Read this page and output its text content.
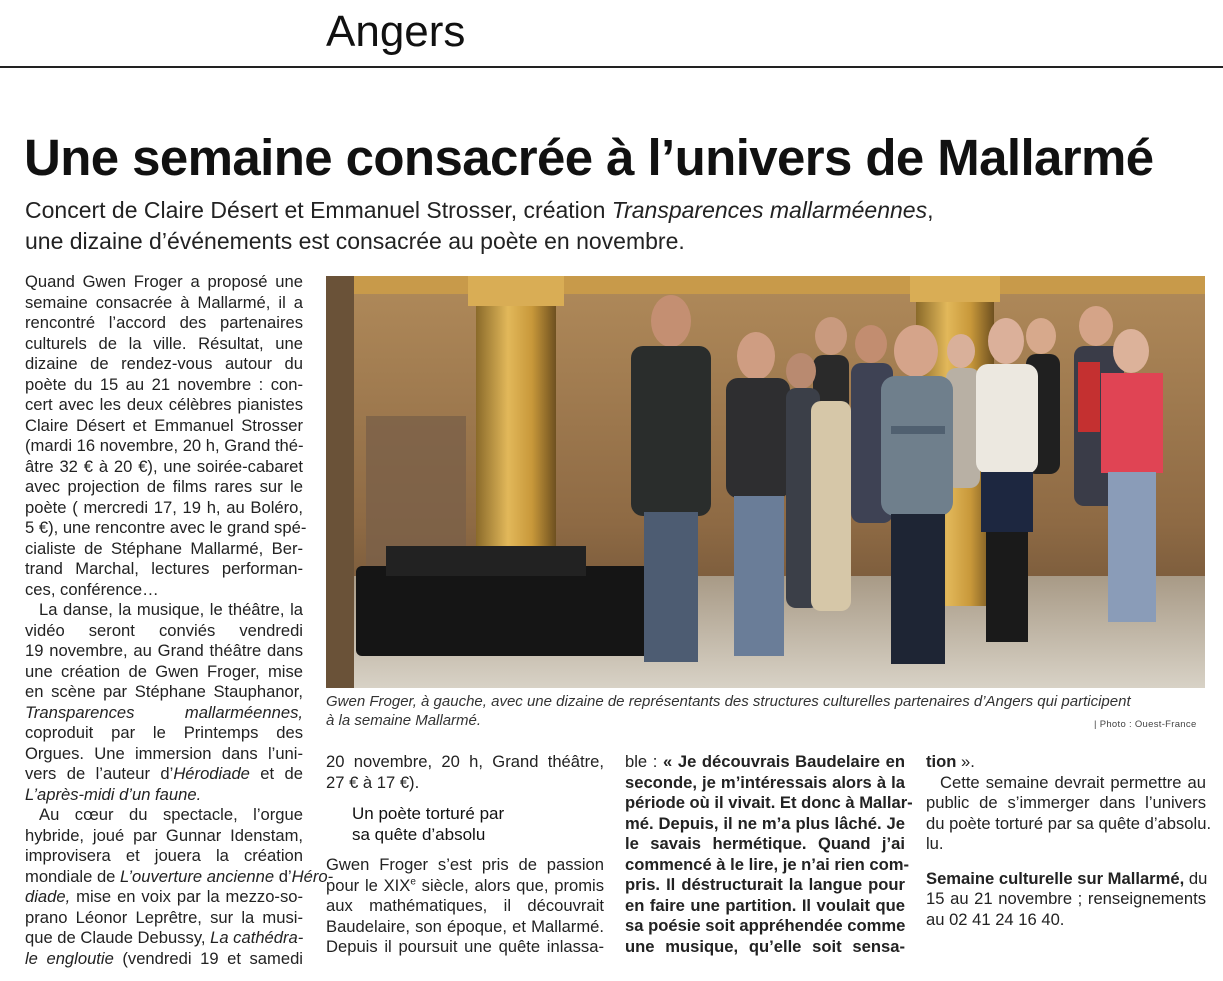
Angers
Une semaine consacrée à l’univers de Mallarmé
Concert de Claire Désert et Emmanuel Strosser, création Transparences mallarméennes,
une dizaine d’événements est consacrée au poète en novembre.
Quand Gwen Froger a proposé une
semaine consacrée à Mallarmé, il a
rencontré l’accord des partenaires
culturels de la ville. Résultat, une
dizaine de rendez-vous autour du
poète du 15 au 21 novembre : con-
cert avec les deux célèbres pianistes
Claire Désert et Emmanuel Strosser
(mardi 16 novembre, 20 h, Grand thé-
âtre 32 € à 20 €), une soirée-cabaret
avec projection de films rares sur le
poète ( mercredi 17, 19 h, au Boléro,
5 €), une rencontre avec le grand spé-
cialiste de Stéphane Mallarmé, Ber-
trand Marchal, lectures performan-
ces, conférence…
La danse, la musique, le théâtre, la
vidéo seront conviés vendredi
19 novembre, au Grand théâtre dans
une création de Gwen Froger, mise
en scène par Stéphane Stauphanor,
Transparences mallarméennes,
coproduit par le Printemps des
Orgues. Une immersion dans l’uni-
vers de l’auteur d’Hérodiade et de
L’après-midi d’un faune.
Au cœur du spectacle, l’orgue
hybride, joué par Gunnar Idenstam,
improvisera et jouera la création
mondiale de L’ouverture ancienne d’Héro-
diade, mise en voix par la mezzo-so-
prano Léonor Leprêtre, sur la musi-
que de Claude Debussy, La cathédra-
le engloutie (vendredi 19 et samedi
Gwen Froger, à gauche, avec une dizaine de représentants des structures culturelles partenaires d’Angers qui participent
à la semaine Mallarmé.	| Photo : Ouest-France
20 novembre, 20 h, Grand théâtre,
27 € à 17 €).
Un poète torturé par
sa quête d’absolu
Gwen Froger s’est pris de passion
pour le XIXe siècle, alors que, promis
aux mathématiques, il découvrait
Baudelaire, son époque, et Mallarmé.
Depuis il poursuit une quête inlassa-
ble : « Je découvrais Baudelaire en
seconde, je m’intéressais alors à la
période où il vivait. Et donc à Mallar-
mé. Depuis, il ne m’a plus lâché. Je
le savais hermétique. Quand j’ai
commencé à le lire, je n’ai rien com-
pris. Il déstructurait la langue pour
en faire une partition. Il voulait que
sa poésie soit appréhendée comme
une musique, qu’elle soit sensa-
tion ».
Cette semaine devrait permettre au
public de s’immerger dans l’univers
du poète torturé par sa quête d’absolu.
lu.
Semaine culturelle sur Mallarmé, du
15 au 21 novembre ; renseignements
au 02 41 24 16 40.
